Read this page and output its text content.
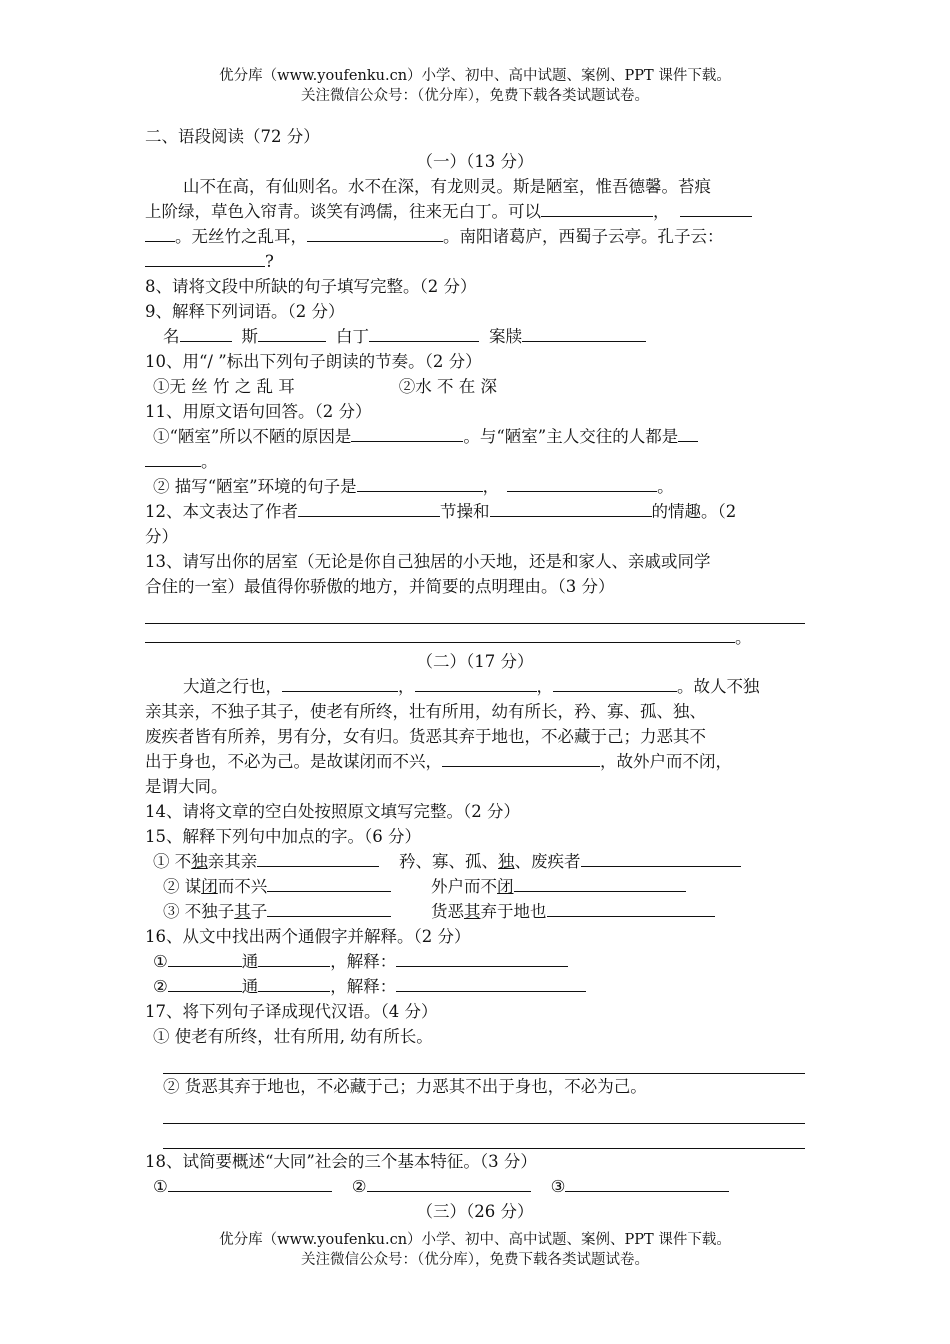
优分库（www.youfenku.cn）小学、初中、高中试题、案例、PPT 课件下载。
关注微信公众号：（优分库），免费下载各类试题试卷。
二、语段阅读（72 分）
（一）（13 分）
山不在高，有仙则名。水不在深，有龙则灵。斯是陋室，惟吾德馨。苔痕
上阶绿，草色入帘青。谈笑有鸿儒，往来无白丁。可以	，
。无丝竹之乱耳，	。南阳诸葛庐，西蜀子云亭。孔子云：
?
8、请将文段中所缺的句子填写完整。（2 分）
9、解释下列词语。（2 分）
名	斯	白丁	案牍
10、用“/ ”标出下列句子朗读的节奏。（2 分）
①无 丝 竹 之 乱 耳	②水 不 在 深
11、用原文语句回答。（2 分）
①“陋室”所以不陋的原因是	。与“陋室”主人交往的人都是
。
② 描写“陋室”环境的句子是	，	。
12、本文表达了作者	节操和	的情趣。（2
分）
13、请写出你的居室（无论是你自己独居的小天地，还是和家人、亲戚或同学
合住的一室）最值得你骄傲的地方，并简要的点明理由。（3 分）
。
（二）（17 分）
大道之行也，	，	，	。故人不独
亲其亲，不独子其子，使老有所终，壮有所用，幼有所长，矜、寡、孤、独、
废疾者皆有所养，男有分，女有归。货恶其弃于地也，不必藏于己；力恶其不
出于身也，不必为己。是故谋闭而不兴，	，故外户而不闭，
是谓大同。
14、请将文章的空白处按照原文填写完整。（2 分）
15、解释下列句中加点的字。（6 分）
① 不独亲其亲	矜、寡、孤、独、废疾者
② 谋闭而不兴	外户而不闭
③ 不独子其子	货恶其弃于地也
16、从文中找出两个通假字并解释。（2 分）
①	通	，解释：
②	通	，解释：
17、将下列句子译成现代汉语。（4 分）
① 使老有所终，壮有所用, 幼有所长。
② 货恶其弃于地也，不必藏于己；力恶其不出于身也，不必为己。
18、试简要概述“大同”社会的三个基本特征。（3 分）
①	②	③
（三）（26 分）
优分库（www.youfenku.cn）小学、初中、高中试题、案例、PPT 课件下载。
关注微信公众号：（优分库），免费下载各类试题试卷。
